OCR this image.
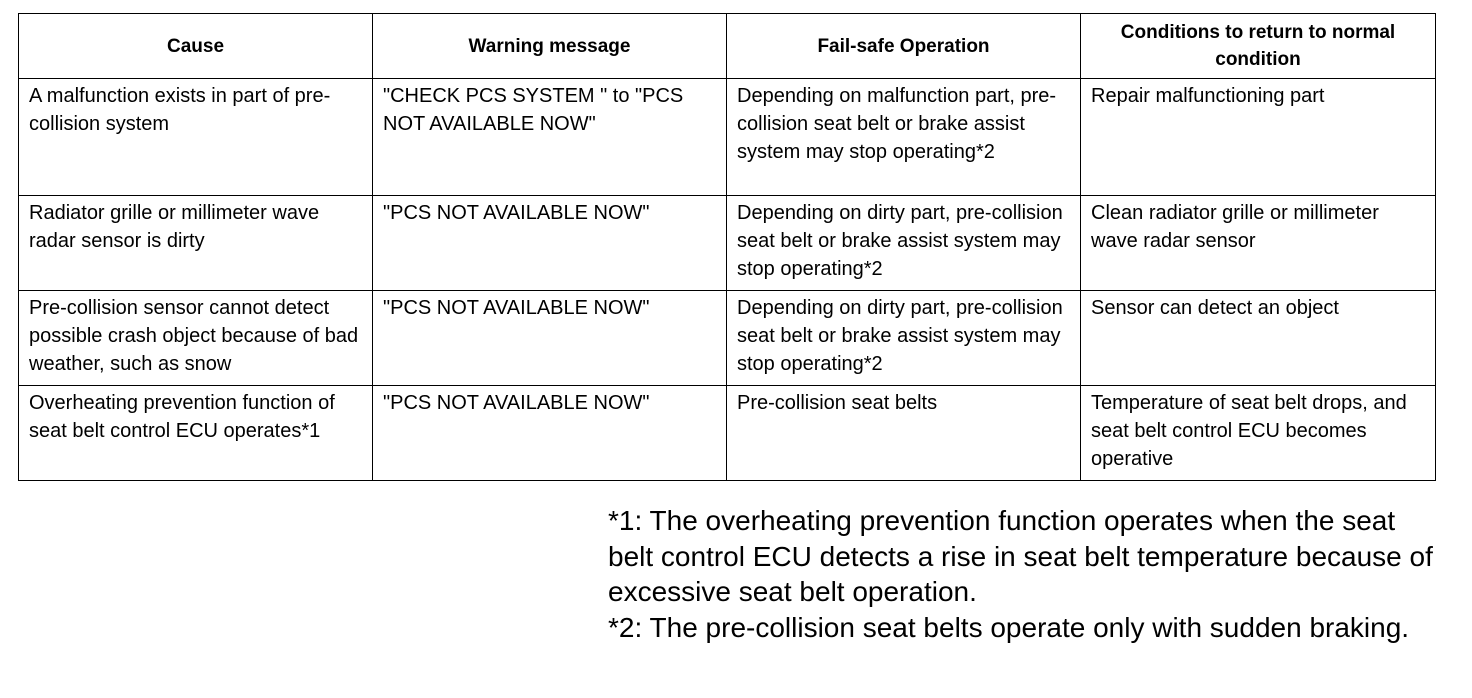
Cause	Warning message	Fail-safe Operation	Conditions to return to normal condition
A malfunction exists in part of pre-collision system	"CHECK PCS SYSTEM " to "PCS NOT AVAILABLE NOW"	Depending on malfunction part, pre-collision seat belt or brake assist system may stop operating*2	Repair malfunctioning part
Radiator grille or millimeter wave radar sensor is dirty	"PCS NOT AVAILABLE NOW"	Depending on dirty part, pre-collision seat belt or brake assist system may stop operating*2	Clean radiator grille or millimeter wave radar sensor
Pre-collision sensor cannot detect possible crash object because of bad weather, such as snow	"PCS NOT AVAILABLE NOW"	Depending on dirty part, pre-collision seat belt or brake assist system may stop operating*2	Sensor can detect an object
Overheating prevention function of seat belt control ECU operates*1	"PCS NOT AVAILABLE NOW"	Pre-collision seat belts	Temperature of seat belt drops, and seat belt control ECU becomes operative

*1: The overheating prevention function operates when the seat belt control ECU detects a rise in seat belt temperature because of excessive seat belt operation.

*2: The pre-collision seat belts operate only with sudden braking.
